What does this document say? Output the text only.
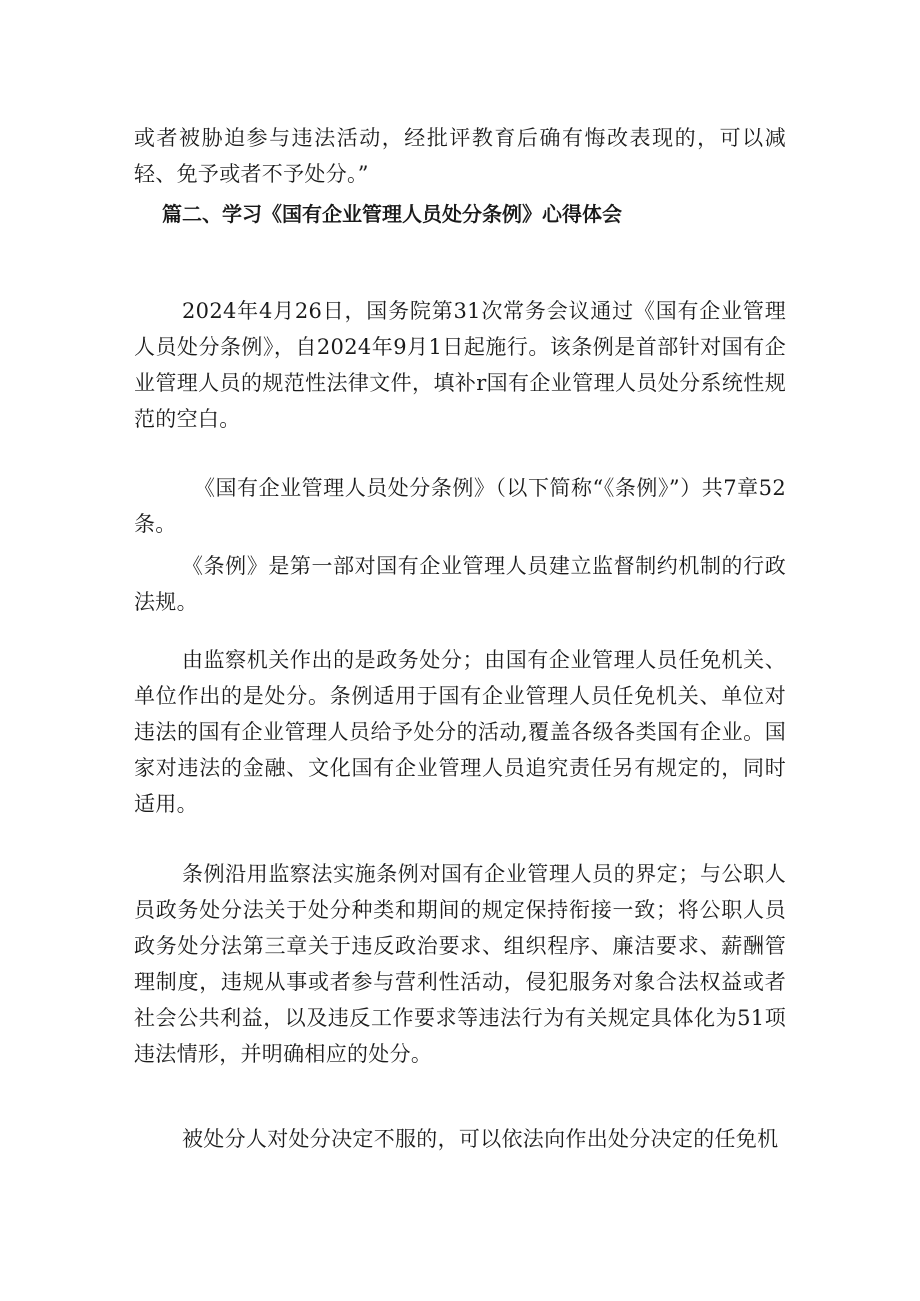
或者被胁迫参与违法活动，经批评教育后确有悔改表现的，可以减轻、免予或者不予处分。”

篇二、学习《国有企业管理人员处分条例》心得体会

2024年4月26日，国务院第31次常务会议通过《国有企业管理人员处分条例》，自2024年9月1日起施行。该条例是首部针对国有企业管理人员的规范性法律文件，填补r国有企业管理人员处分系统性规范的空白。

《国有企业管理人员处分条例》（以下简称“《条例》”）共7章52条。

《条例》是第一部对国有企业管理人员建立监督制约机制的行政法规。

由监察机关作出的是政务处分；由国有企业管理人员任免机关、单位作出的是处分。条例适用于国有企业管理人员任免机关、单位对违法的国有企业管理人员给予处分的活动,覆盖各级各类国有企业。国家对违法的金融、文化国有企业管理人员追究责任另有规定的，同时适用。

条例沿用监察法实施条例对国有企业管理人员的界定；与公职人员政务处分法关于处分种类和期间的规定保持衔接一致；将公职人员政务处分法第三章关于违反政治要求、组织程序、廉洁要求、薪酬管理制度，违规从事或者参与营利性活动，侵犯服务对象合法权益或者社会公共利益，以及违反工作要求等违法行为有关规定具体化为51项违法情形，并明确相应的处分。

被处分人对处分决定不服的，可以依法向作出处分决定的任免机
